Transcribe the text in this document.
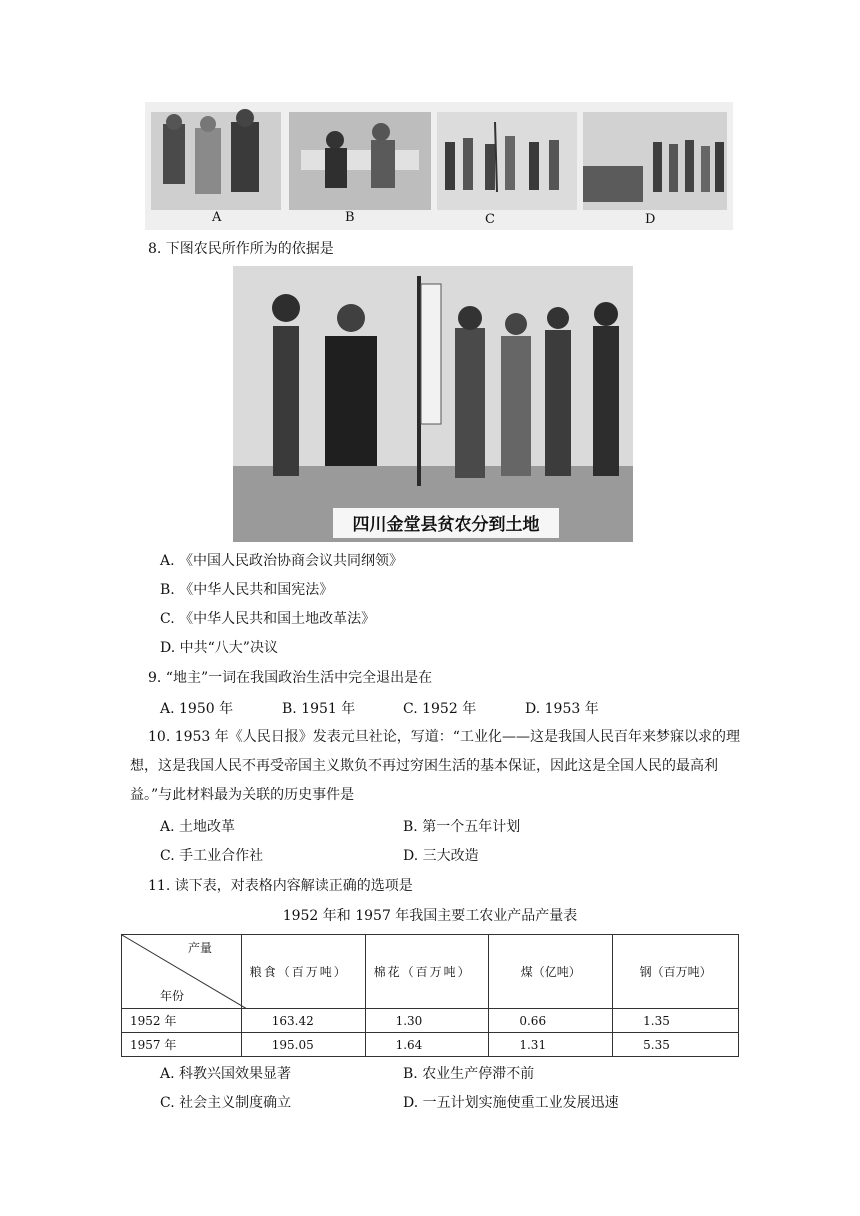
A	B	C	D
8. 下图农民所作所为的依据是
四川金堂县贫农分到土地
A. 《中国人民政治协商会议共同纲领》
B. 《中华人民共和国宪法》
C. 《中华人民共和国土地改革法》
D. 中共“八大”决议
9. “地主”一词在我国政治生活中完全退出是在
A. 1950 年	B. 1951 年	C. 1952 年	D. 1953 年
10. 1953 年《人民日报》发表元旦社论，写道：“工业化——这是我国人民百年来梦寐以求的理想，这是我国人民不再受帝国主义欺负不再过穷困生活的基本保证，因此这是全国人民的最高利益。”与此材料最为关联的历史事件是
A. 土地改革	B. 第一个五年计划
C. 手工业合作社	D. 三大改造
11. 读下表，对表格内容解读正确的选项是
1952 年和 1957 年我国主要工农业产品产量表
产量
年份	粮食（百万吨）	棉花（百万吨）	煤（亿吨）	钢（百万吨）
1952 年	163.42	1.30	0.66	1.35
1957 年	195.05	1.64	1.31	5.35
A. 科教兴国效果显著	B. 农业生产停滞不前
C. 社会主义制度确立	D. 一五计划实施使重工业发展迅速
